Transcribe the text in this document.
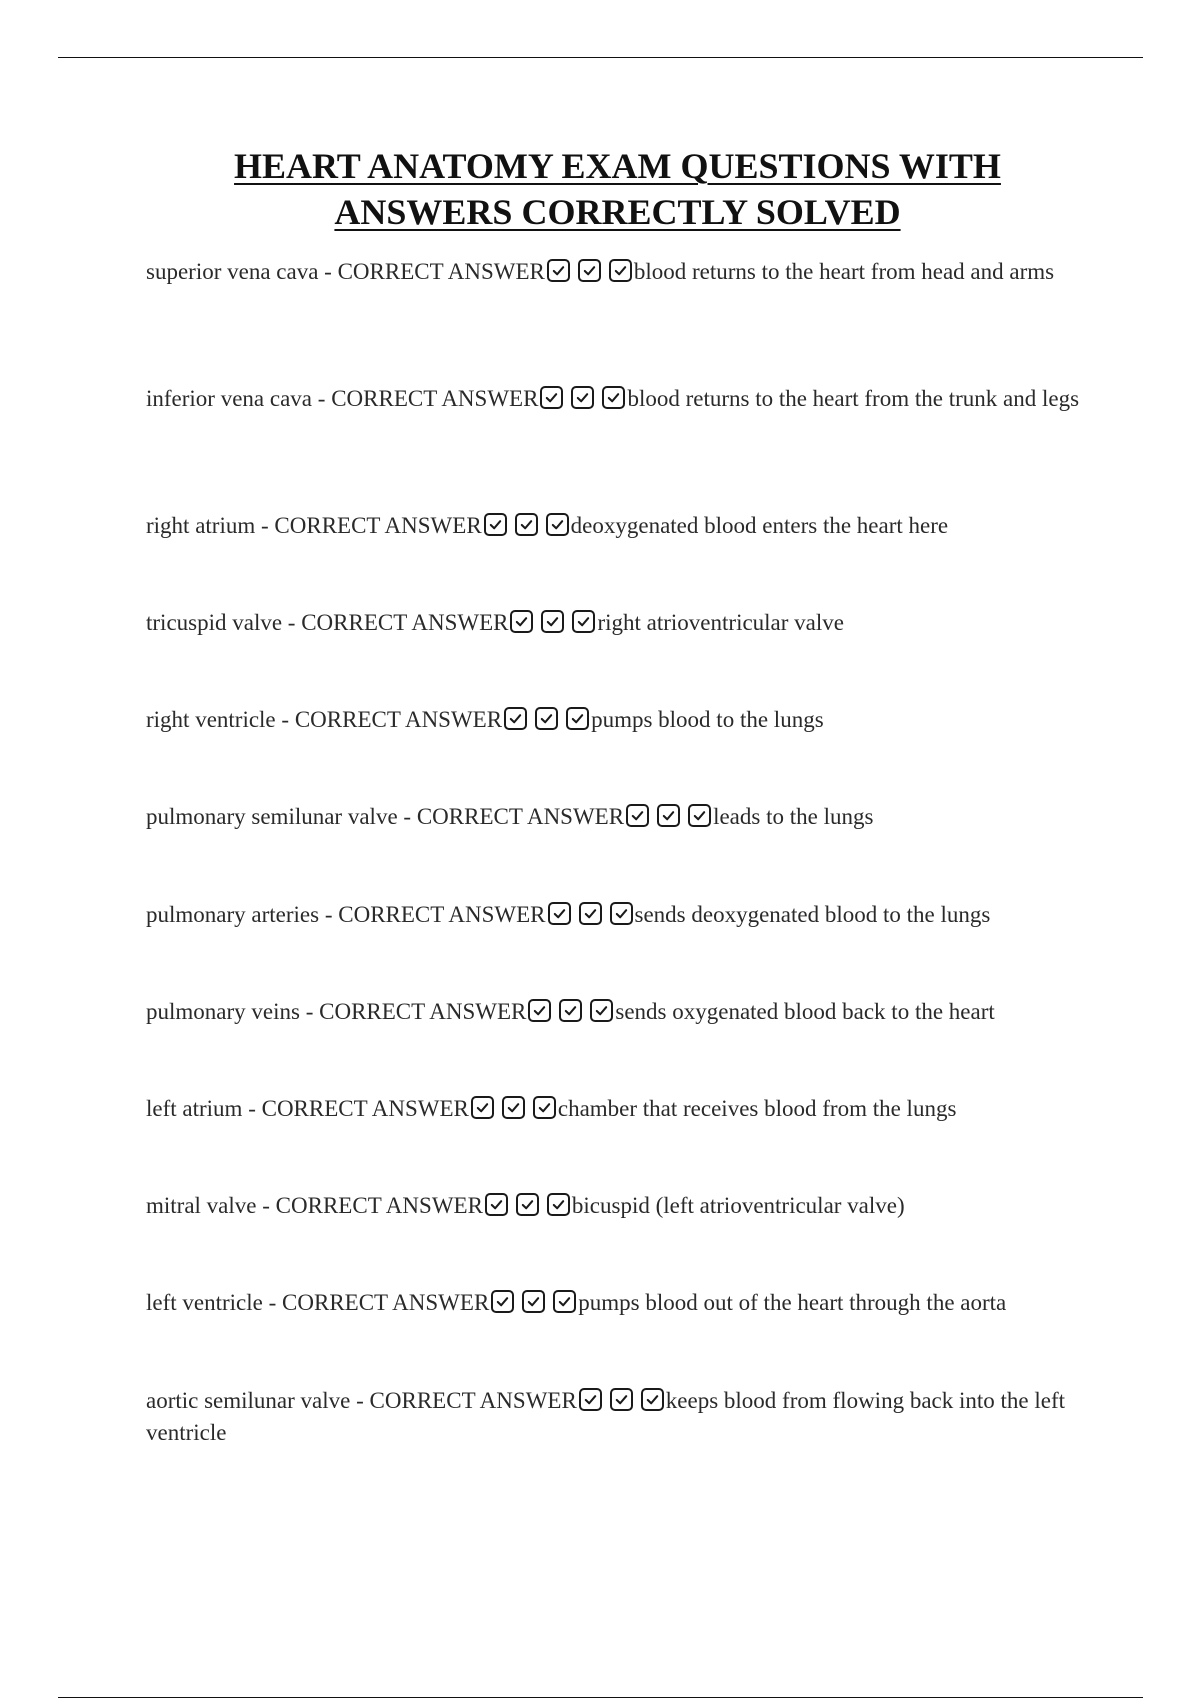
HEART ANATOMY EXAM QUESTIONS WITH
ANSWERS CORRECTLY SOLVED

superior vena cava - CORRECT ANSWER	blood returns to the heart from head and arms

inferior vena cava - CORRECT ANSWER	blood returns to the heart from the trunk and legs

right atrium - CORRECT ANSWER	deoxygenated blood enters the heart here

tricuspid valve - CORRECT ANSWER	right atrioventricular valve

right ventricle - CORRECT ANSWER	pumps blood to the lungs

pulmonary semilunar valve - CORRECT ANSWER	leads to the lungs

pulmonary arteries - CORRECT ANSWER	sends deoxygenated blood to the lungs

pulmonary veins - CORRECT ANSWER	sends oxygenated blood back to the heart

left atrium - CORRECT ANSWER	chamber that receives blood from the lungs

mitral valve - CORRECT ANSWER	bicuspid (left atrioventricular valve)

left ventricle - CORRECT ANSWER	pumps blood out of the heart through the aorta

aortic semilunar valve - CORRECT ANSWER	keeps blood from flowing back into the left ventricle
